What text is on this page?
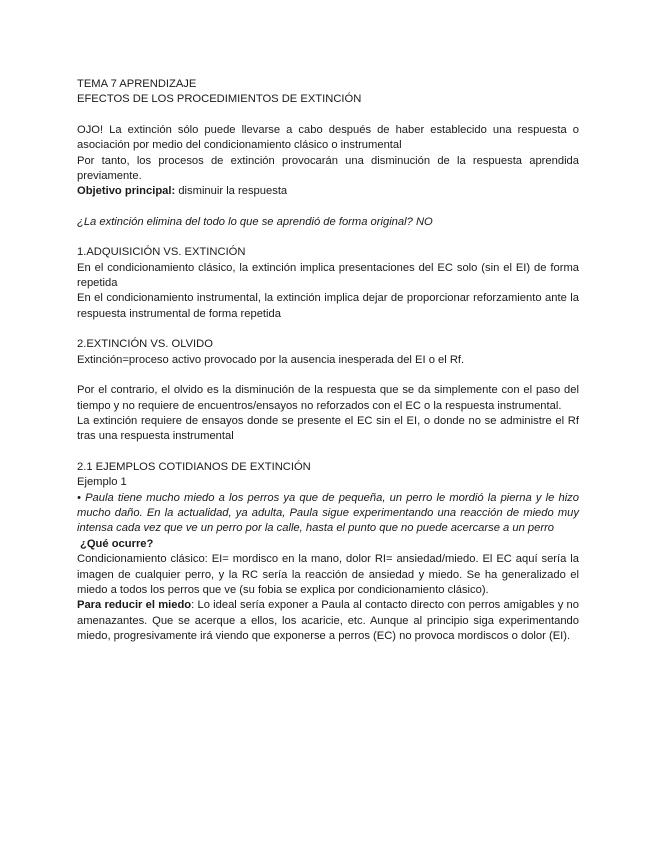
TEMA 7 APRENDIZAJE

EFECTOS DE LOS PROCEDIMIENTOS DE EXTINCIÓN

OJO! La extinción sólo puede llevarse a cabo después de haber establecido una respuesta o asociación por medio del condicionamiento clásico o instrumental

Por tanto, los procesos de extinción provocarán una disminución de la respuesta aprendida previamente.

Objetivo principal: disminuir la respuesta

¿La extinción elimina del todo lo que se aprendió de forma original? NO

1.ADQUISICIÓN VS. EXTINCIÓN

En el condicionamiento clásico, la extinción implica presentaciones del EC solo (sin el EI) de forma repetida

En el condicionamiento instrumental, la extinción implica dejar de proporcionar reforzamiento ante la respuesta instrumental de forma repetida

2.EXTINCIÓN VS. OLVIDO

Extinción=proceso activo provocado por la ausencia inesperada del EI o el Rf.

Por el contrario, el olvido es la disminución de la respuesta que se da simplemente con el paso del tiempo y no requiere de encuentros/ensayos no reforzados con el EC o la respuesta instrumental.

La extinción requiere de ensayos donde se presente el EC sin el EI, o donde no se administre el Rf tras una respuesta instrumental

2.1 EJEMPLOS COTIDIANOS DE EXTINCIÓN

Ejemplo 1

• Paula tiene mucho miedo a los perros ya que de pequeña, un perro le mordió la pierna y le hizo mucho daño. En la actualidad, ya adulta, Paula sigue experimentando una reacción de miedo muy intensa cada vez que ve un perro por la calle, hasta el punto que no puede acercarse a un perro

¿Qué ocurre?

Condicionamiento clásico: EI= mordisco en la mano, dolor RI= ansiedad/miedo. El EC aquí sería la imagen de cualquier perro, y la RC sería la reacción de ansiedad y miedo. Se ha generalizado el miedo a todos los perros que ve (su fobia se explica por condicionamiento clásico).

Para reducir el miedo: Lo ideal sería exponer a Paula al contacto directo con perros amigables y no amenazantes. Que se acerque a ellos, los acaricie, etc. Aunque al principio siga experimentando miedo, progresivamente irá viendo que exponerse a perros (EC) no provoca mordiscos o dolor (EI).
